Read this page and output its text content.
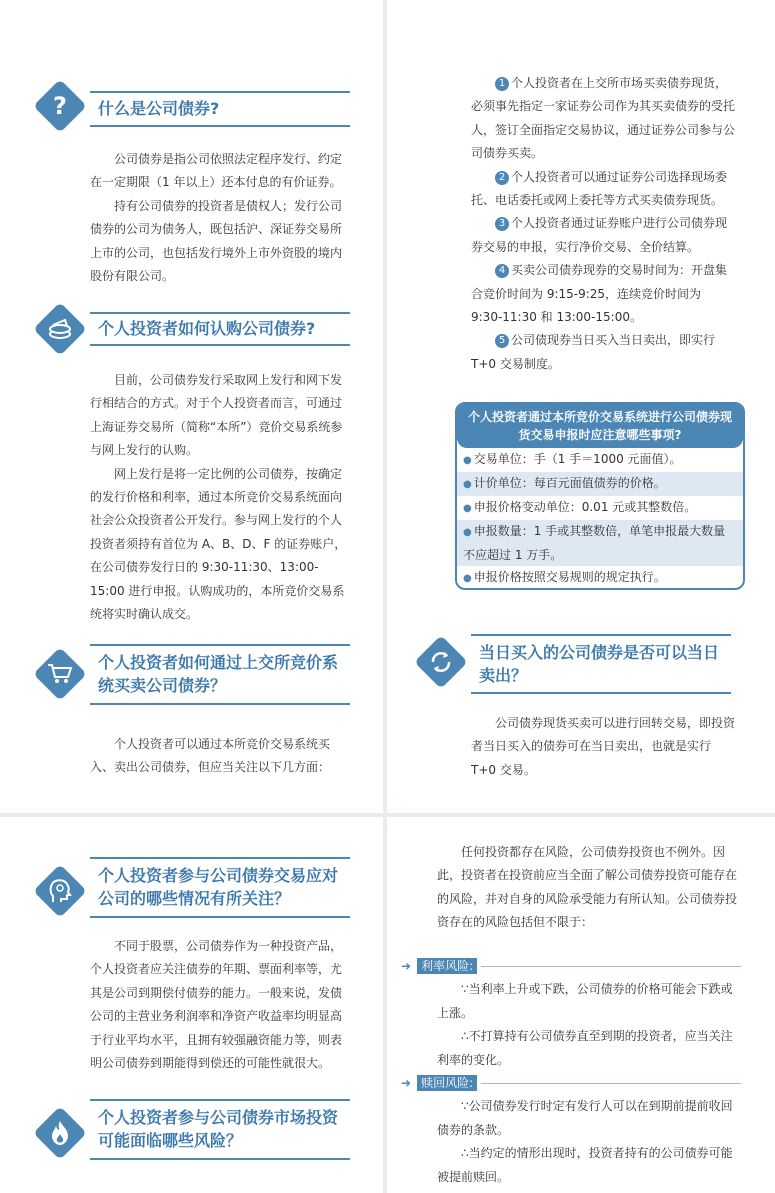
?	什么是公司债券?

公司债券是指公司依照法定程序发行、约定在一定期限（1 年以上）还本付息的有价证券。

持有公司债券的投资者是债权人；发行公司债券的公司为债务人，既包括沪、深证券交易所上市的公司，也包括发行境外上市外资股的境内股份有限公司。

个人投资者如何认购公司债券?

目前，公司债券发行采取网上发行和网下发行相结合的方式。对于个人投资者而言，可通过上海证券交易所（简称“本所”）竞价交易系统参与网上发行的认购。

网上发行是将一定比例的公司债券，按确定的发行价格和利率，通过本所竞价交易系统面向社会公众投资者公开发行。参与网上发行的个人投资者须持有首位为 A、B、D、F 的证券账户，在公司债券发行日的 9:30-11:30、13:00-15:00 进行申报。认购成功的，本所竞价交易系统将实时确认成交。

个人投资者如何通过上交所竞价系统买卖公司债券？

个人投资者可以通过本所竞价交易系统买入、卖出公司债券，但应当关注以下几方面：

1 个人投资者在上交所市场买卖债券现货，必须事先指定一家证券公司作为其买卖债券的受托人，签订全面指定交易协议，通过证券公司参与公司债券买卖。

2 个人投资者可以通过证券公司选择现场委托、电话委托或网上委托等方式买卖债券现货。

3 个人投资者通过证券账户进行公司债券现券交易的申报，实行净价交易、全价结算。

4 买卖公司债券现券的交易时间为：开盘集合竞价时间为 9:15-9:25，连续竞价时间为 9:30-11:30 和 13:00-15:00。

5 公司债现券当日买入当日卖出，即实行 T+0 交易制度。

个人投资者通过本所竞价交易系统进行公司债券现货交易申报时应注意哪些事项?
● 交易单位：手（1 手＝1000 元面值）。
● 计价单位：每百元面值债券的价格。
● 申报价格变动单位：0.01 元或其整数倍。
● 申报数量：1 手或其整数倍，单笔申报最大数量不应超过 1 万手。
● 申报价格按照交易规则的规定执行。
当日买入的公司债券是否可以当日卖出？

公司债券现货买卖可以进行回转交易，即投资者当日买入的债券可在当日卖出，也就是实行 T+0 交易。

个人投资者参与公司债券交易应对公司的哪些情况有所关注？

不同于股票，公司债券作为一种投资产品，个人投资者应关注债券的年期、票面利率等，尤其是公司到期偿付债券的能力。一般来说，发债公司的主营业务利润率和净资产收益率均明显高于行业平均水平，且拥有较强融资能力等，则表明公司债券到期能得到偿还的可能性就很大。

个人投资者参与公司债券市场投资可能面临哪些风险？

任何投资都存在风险，公司债券投资也不例外。因此，投资者在投资前应当全面了解公司债券投资可能存在的风险，并对自身的风险承受能力有所认知。公司债券投资存在的风险包括但不限于：

➜ 利率风险:

∵当利率上升或下跌，公司债券的价格可能会下跌或上涨。

∴不打算持有公司债券直至到期的投资者，应当关注利率的变化。

➜ 赎回风险:

∵公司债券发行时定有发行人可以在到期前提前收回债券的条款。

∴当约定的情形出现时，投资者持有的公司债券可能被提前赎回。
